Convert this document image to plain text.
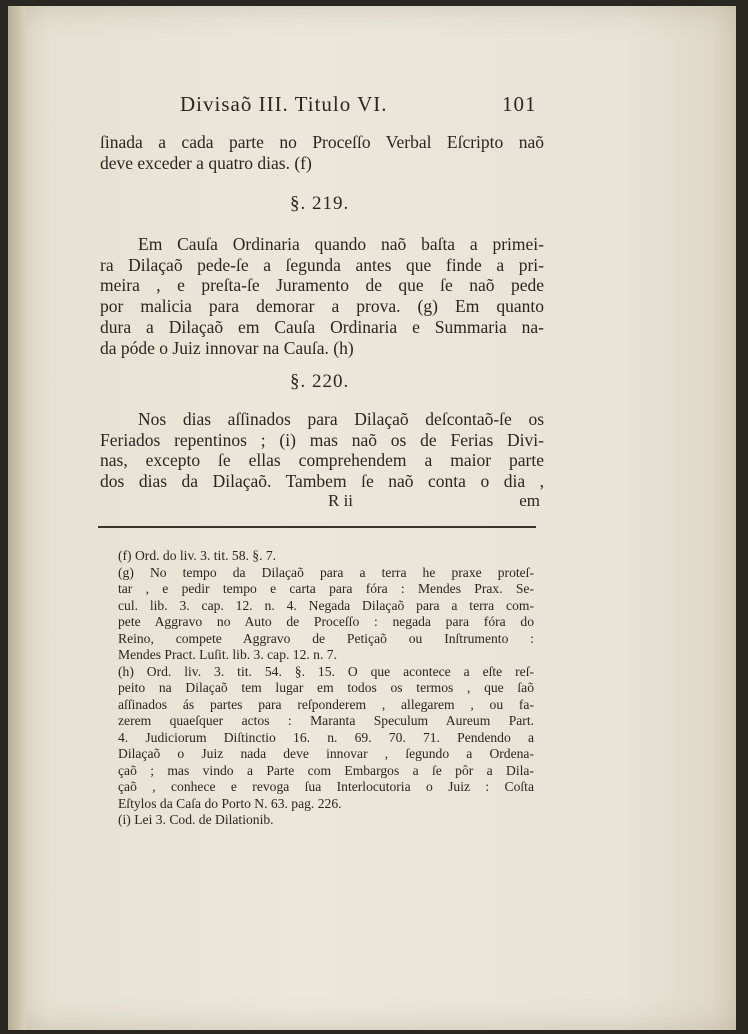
Divisaõ III. Titulo VI.	101
ſinada a cada parte no Proceſſo Verbal Eſcripto naõ
deve exceder a quatro dias. (f)
§. 219.
Em Cauſa Ordinaria quando naõ baſta a primei-
ra Dilaçaõ pede-ſe a ſegunda antes que finde a pri-
meira , e preſta-ſe Juramento de que ſe naõ pede
por malicia para demorar a prova. (g) Em quanto
dura a Dilaçaõ em Cauſa Ordinaria e Summaria na-
da póde o Juiz innovar na Cauſa. (h)
§. 220.
Nos dias aſſinados para Dilaçaõ deſcontaõ-ſe os
Feriados repentinos ; (i) mas naõ os de Ferias Divi-
nas, excepto ſe ellas comprehendem a maior parte
dos dias da Dilaçaõ. Tambem ſe naõ conta o dia ,
R ii	em
(f) Ord. do liv. 3. tit. 58. §. 7.
(g) No tempo da Dilaçaõ para a terra he praxe proteſ-
tar , e pedir tempo e carta para fóra : Mendes Prax. Se-
cul. lib. 3. cap. 12. n. 4. Negada Dilaçaõ para a terra com-
pete Aggravo no Auto de Proceſſo : negada para fóra do
Reino, compete Aggravo de Petiçaõ ou Inſtrumento :
Mendes Pract. Luſit. lib. 3. cap. 12. n. 7.
(h) Ord. liv. 3. tit. 54. §. 15. O que acontece a eſte reſ-
peito na Dilaçaõ tem lugar em todos os termos , que ſaõ
aſſinados ás partes para reſponderem , allegarem , ou fa-
zerem quaeſquer actos : Maranta Speculum Aureum Part.
4. Judiciorum Diſtinctio 16. n. 69. 70. 71. Pendendo a
Dilaçaõ o Juiz nada deve innovar , ſegundo a Ordena-
çaõ ; mas vindo a Parte com Embargos a ſe pôr a Dila-
çaõ , conhece e revoga ſua Interlocutoria o Juiz : Coſta
Eſtylos da Caſa do Porto N. 63. pag. 226.
(i) Lei 3. Cod. de Dilationib.
